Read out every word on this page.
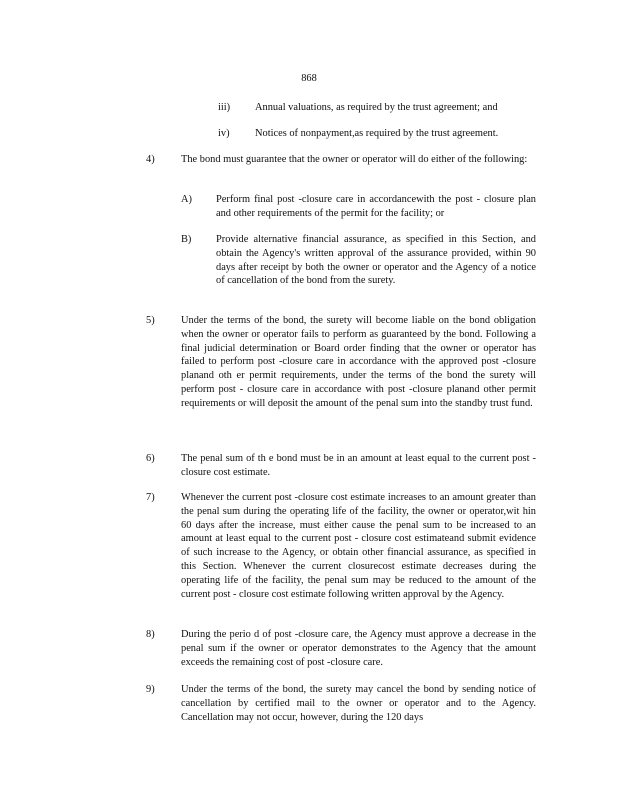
868
iii) Annual valuations, as required by the trust agreement; and
iv) Notices of nonpayment,as required by the trust agreement.
4)	The bond must guarantee that the owner or operator will do either of the following:
A) Perform final post -closure care in accordancewith the post - closure plan and other requirements of the permit for the facility; or
B) Provide alternative financial assurance, as specified in this Section, and obtain the Agency's written approval of the assurance provided, within 90 days after receipt by both the owner or operator and the Agency of a notice of cancellation of the bond from the surety.
5)	Under the terms of the bond, the surety will become liable on the bond obligation when the owner or operator fails to perform as guaranteed by the bond. Following a final judicial determination or Board order finding that the owner or operator has failed to perform post -closure care in accordance with the approved post -closure planand oth er permit requirements, under the terms of the bond the surety will perform post - closure care in accordance with post -closure planand other permit requirements or will deposit the amount of the penal sum into the standby trust fund.
6)	The penal sum of th e bond must be in an amount at least equal to the current post -closure cost estimate.
7)	Whenever the current post -closure cost estimate increases to an amount greater than the penal sum during the operating life of the facility, the owner or operator,wit hin 60 days after the increase, must either cause the penal sum to be increased to an amount at least equal to the current post - closure cost estimateand submit evidence of such increase to the Agency, or obtain other financial assurance, as specified in this Section. Whenever the current closurecost estimate decreases during the operating life of the facility, the penal sum may be reduced to the amount of the current post - closure cost estimate following written approval by the Agency.
8)	During the perio d of post -closure care, the Agency must approve a decrease in the penal sum if the owner or operator demonstrates to the Agency that the amount exceeds the remaining cost of post -closure care.
9)	Under the terms of the bond, the surety may cancel the bond by sending notice of cancellation by certified mail to the owner or operator and to the Agency. Cancellation may not occur, however, during the 120 days
